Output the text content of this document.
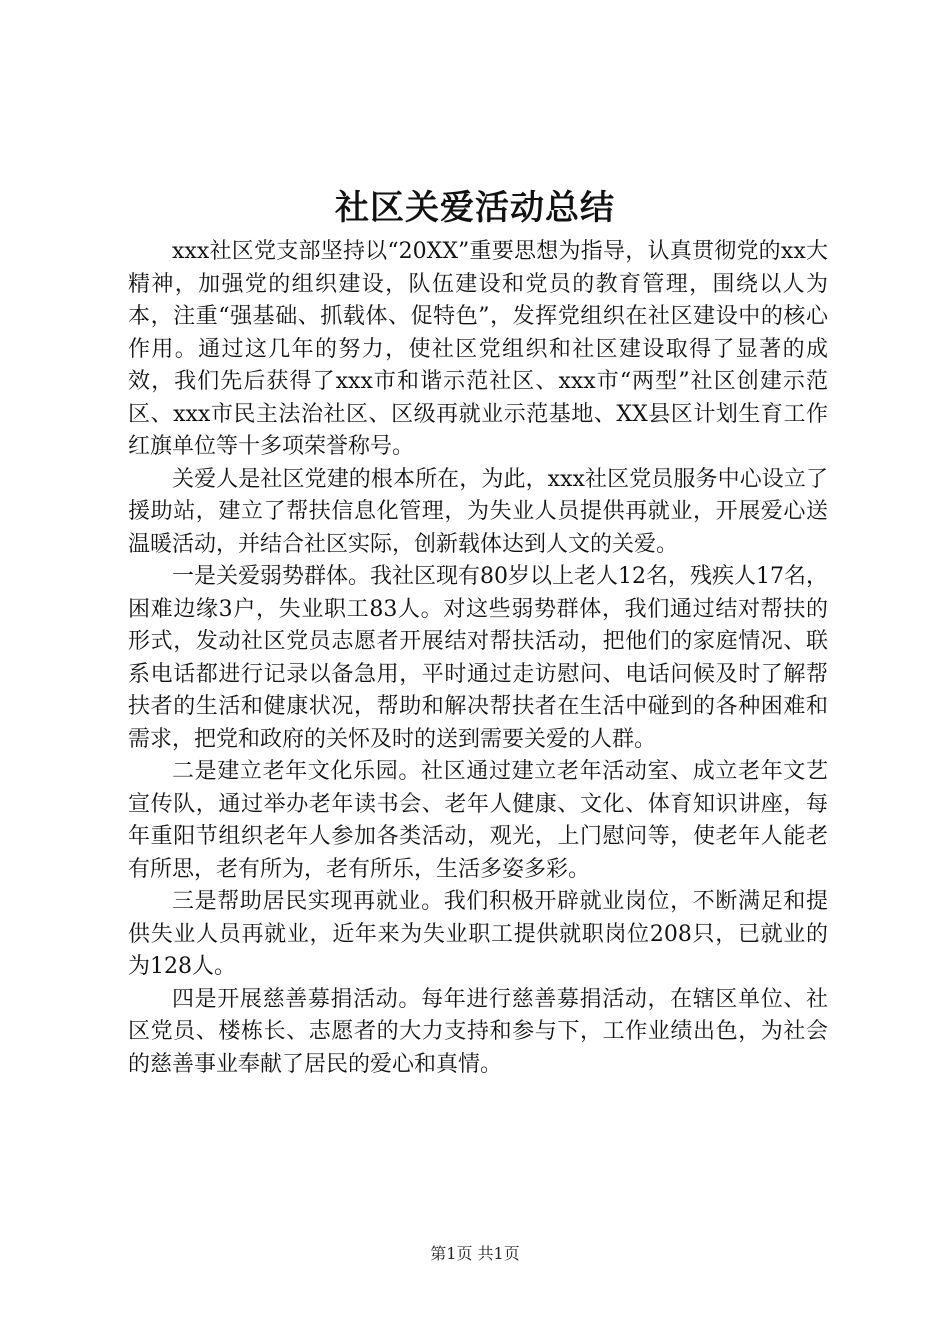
社区关爱活动总结

xxx社区党支部坚持以“20XX”重要思想为指导，认真贯彻党的xx大精神，加强党的组织建设，队伍建设和党员的教育管理，围绕以人为本，注重“强基础、抓载体、促特色”，发挥党组织在社区建设中的核心作用。通过这几年的努力，使社区党组织和社区建设取得了显著的成效，我们先后获得了xxx市和谐示范社区、xxx市“两型”社区创建示范区、xxx市民主法治社区、区级再就业示范基地、XX县区计划生育工作红旗单位等十多项荣誉称号。

关爱人是社区党建的根本所在，为此，xxx社区党员服务中心设立了援助站，建立了帮扶信息化管理，为失业人员提供再就业，开展爱心送温暖活动，并结合社区实际，创新载体达到人文的关爱。

一是关爱弱势群体。我社区现有80岁以上老人12名，残疾人17名，困难边缘3户，失业职工83人。对这些弱势群体，我们通过结对帮扶的形式，发动社区党员志愿者开展结对帮扶活动，把他们的家庭情况、联系电话都进行记录以备急用，平时通过走访慰问、电话问候及时了解帮扶者的生活和健康状况，帮助和解决帮扶者在生活中碰到的各种困难和需求，把党和政府的关怀及时的送到需要关爱的人群。

二是建立老年文化乐园。社区通过建立老年活动室、成立老年文艺宣传队，通过举办老年读书会、老年人健康、文化、体育知识讲座，每年重阳节组织老年人参加各类活动，观光，上门慰问等，使老年人能老有所思，老有所为，老有所乐，生活多姿多彩。

三是帮助居民实现再就业。我们积极开辟就业岗位，不断满足和提供失业人员再就业，近年来为失业职工提供就职岗位208只，已就业的为128人。

四是开展慈善募捐活动。每年进行慈善募捐活动，在辖区单位、社区党员、楼栋长、志愿者的大力支持和参与下，工作业绩出色，为社会的慈善事业奉献了居民的爱心和真情。

第1页 共1页
